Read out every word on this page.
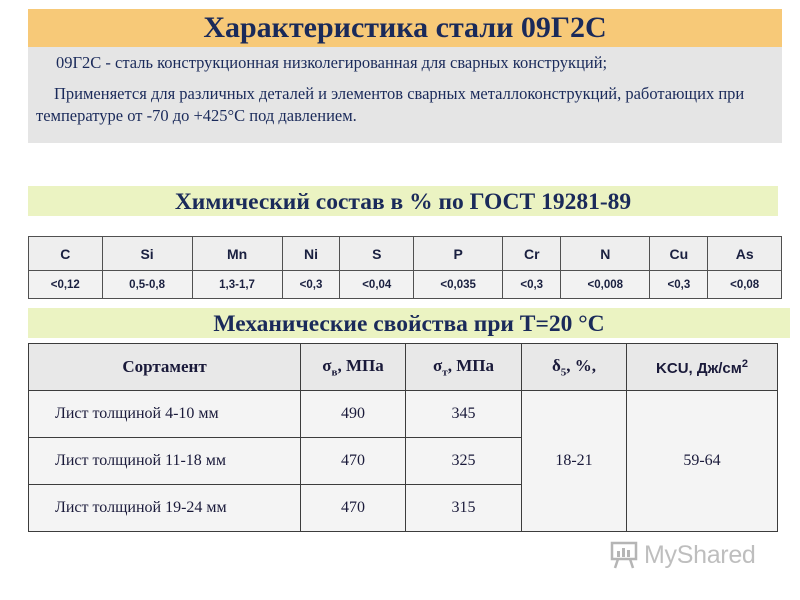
Характеристика стали 09Г2С

09Г2С - сталь конструкционная низколегированная для сварных конструкций;

Применяется для различных деталей и элементов сварных металлоконструкций, работающих при температуре от -70 до +425°С под давлением.

Химический состав в % по ГОСТ 19281-89
C	Si	Mn	Ni	S	P	Cr	N	Cu	As
<0,12	0,5-0,8	1,3-1,7	<0,3	<0,04	<0,035	<0,3	<0,008	<0,3	<0,08
Механические свойства при Т=20 °С
Сортамент	$\sigma_в$, МПа	$\sigma_т$, МПа	$\delta_5$, %,	KCU, $Дж/см^2$
Лист толщиной 4-10 мм	490	345	18-21	59-64
Лист толщиной 11-18 мм	470	325		
Лист толщиной 19-24 мм	470	315		
MyShared
